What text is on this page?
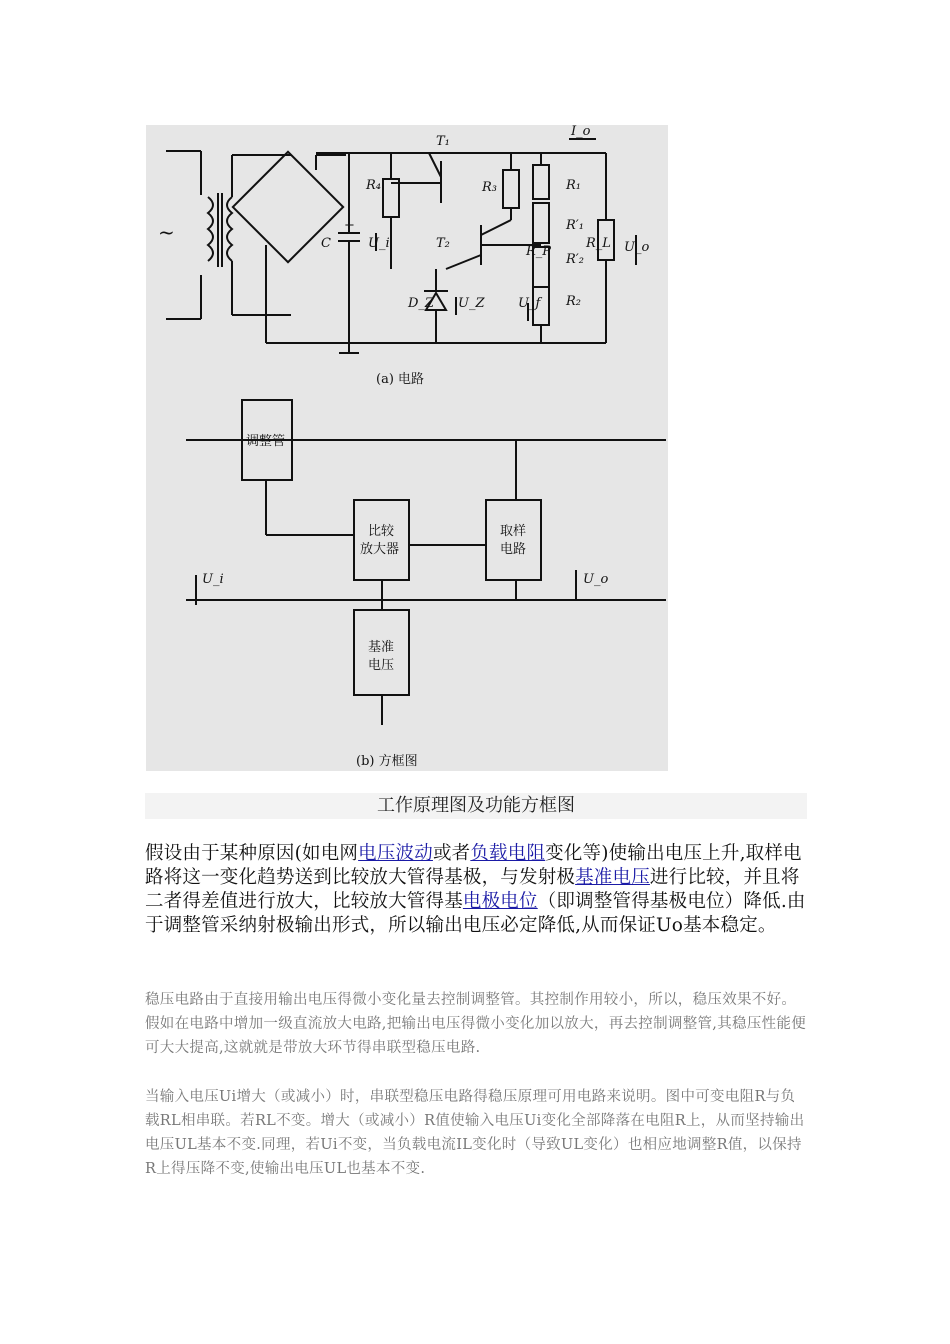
T₁
R₄	R₃	R₁
R′₁
R_P
R′₂
R₂
R_L
C	U_i	U_o
I_o
T₂
D_Z U_Z	U_f
+
~
U_i	U_o
(a) 电路
调整管
比较
放大器
取样
电路
基准
电压
(b) 方框图
工作原理图及功能方框图
假设由于某种原因(如电网电压波动或者负载电阻变化等)使输出电压上升,取样电路将这一变化趋势送到比较放大管得基极，与发射极基准电压进行比较，并且将二者得差值进行放大，比较放大管得基电极电位（即调整管得基极电位）降低.由于调整管采纳射极输出形式，所以输出电压必定降低,从而保证Uo基本稳定。
稳压电路由于直接用输出电压得微小变化量去控制调整管。其控制作用较小，所以，稳压效果不好。假如在电路中增加一级直流放大电路,把输出电压得微小变化加以放大，再去控制调整管,其稳压性能便可大大提高,这就就是带放大环节得串联型稳压电路.
当输入电压Ui增大（或减小）时，串联型稳压电路得稳压原理可用电路来说明。图中可变电阻R与负载RL相串联。若RL不变。增大（或减小）R值使输入电压Ui变化全部降落在电阻R上，从而坚持输出电压UL基本不变.同理，若Ui不变，当负载电流IL变化时（导致UL变化）也相应地调整R值，以保持R上得压降不变,使输出电压UL也基本不变.
